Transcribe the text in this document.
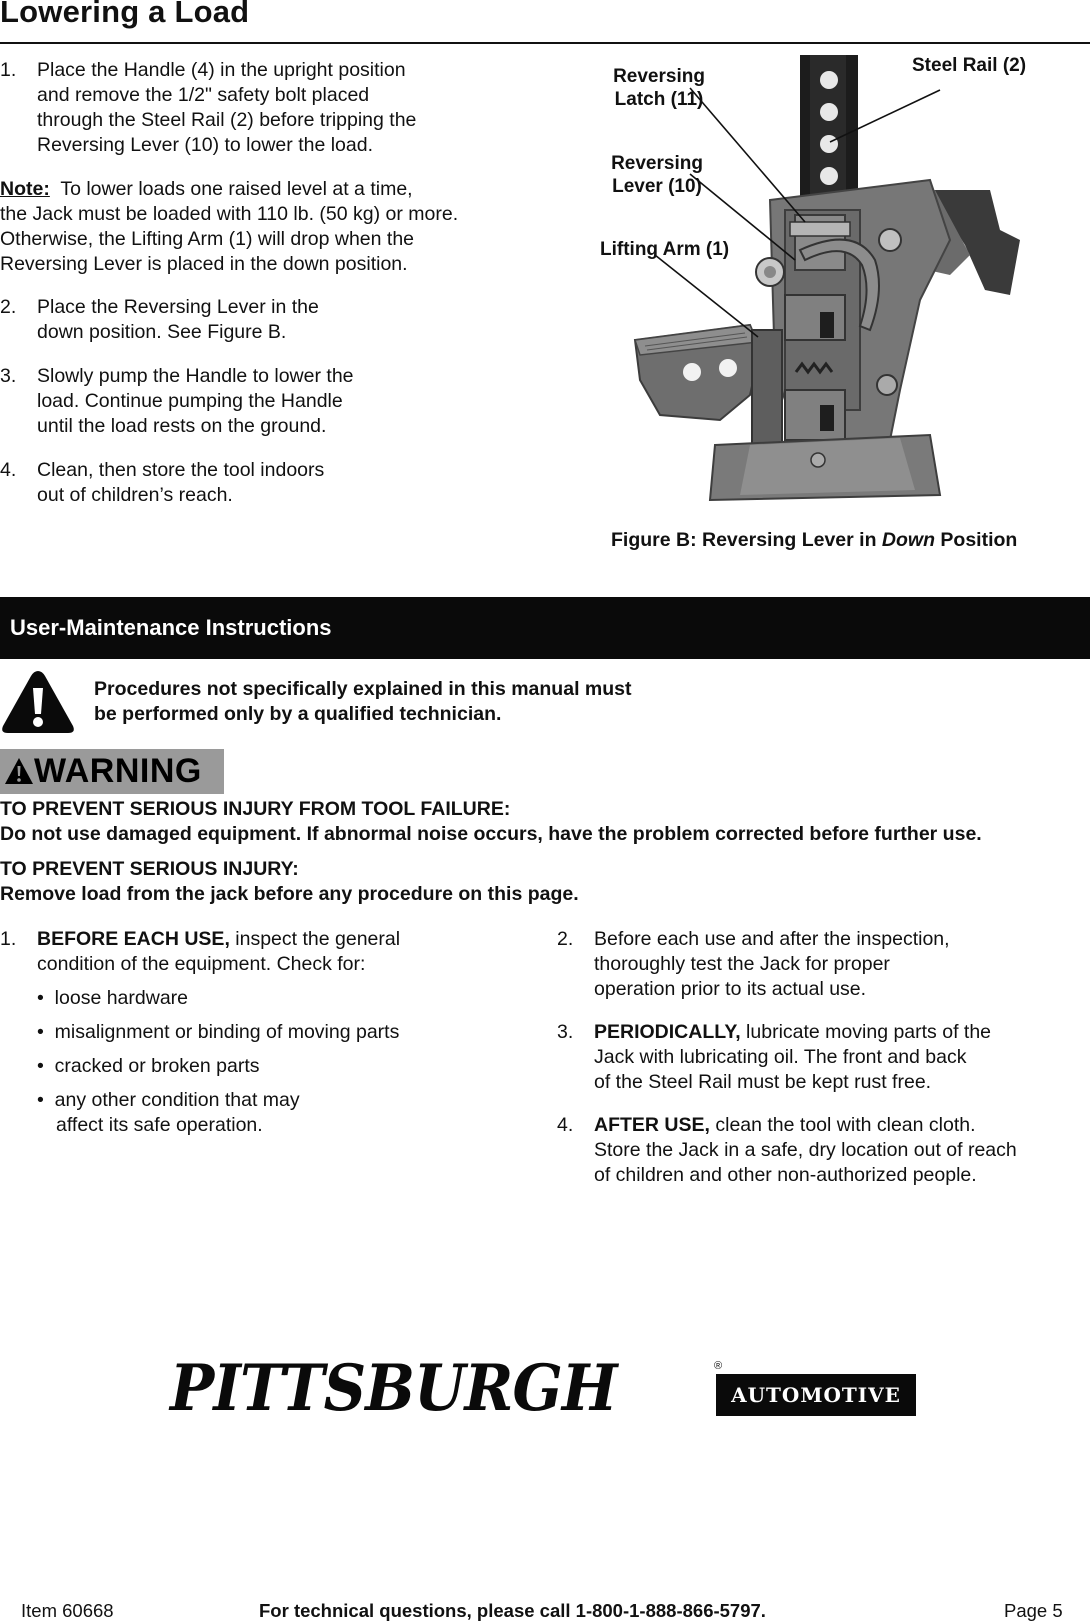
Lowering a Load
1. Place the Handle (4) in the upright position
and remove the 1/2" safety bolt placed
through the Steel Rail (2) before tripping the
Reversing Lever (10) to lower the load.
Note: To lower loads one raised level at a time,
the Jack must be loaded with 110 lb. (50 kg) or more.
Otherwise, the Lifting Arm (1) will drop when the
Reversing Lever is placed in the down position.
2. Place the Reversing Lever in the
down position. See Figure B.
3. Slowly pump the Handle to lower the
load. Continue pumping the Handle
until the load rests on the ground.
4. Clean, then store the tool indoors
out of children’s reach.
Reversing
Latch (11)
Reversing
Lever (10)
Lifting Arm (1)
Steel Rail (2)
Figure B: Reversing Lever in Down Position
User-Maintenance Instructions
Procedures not specifically explained in this manual must
be performed only by a qualified technician.
WARNING
TO PREVENT SERIOUS INJURY FROM TOOL FAILURE:
Do not use damaged equipment. If abnormal noise occurs, have the problem corrected before further use.
TO PREVENT SERIOUS INJURY:
Remove load from the jack before any procedure on this page.
1. BEFORE EACH USE, inspect the general
condition of the equipment. Check for:
•  loose hardware
•  misalignment or binding of moving parts
•  cracked or broken parts
•  any other condition that may
affect its safe operation.
2. Before each use and after the inspection,
thoroughly test the Jack for proper
operation prior to its actual use.
3. PERIODICALLY, lubricate moving parts of the
Jack with lubricating oil. The front and back
of the Steel Rail must be kept rust free.
4. AFTER USE, clean the tool with clean cloth.
Store the Jack in a safe, dry location out of reach
of children and other non-authorized people.
PITTSBURGH	®
AUTOMOTIVE
Item 60668	For technical questions, please call 1-800-1-888-866-5797.	Page 5
